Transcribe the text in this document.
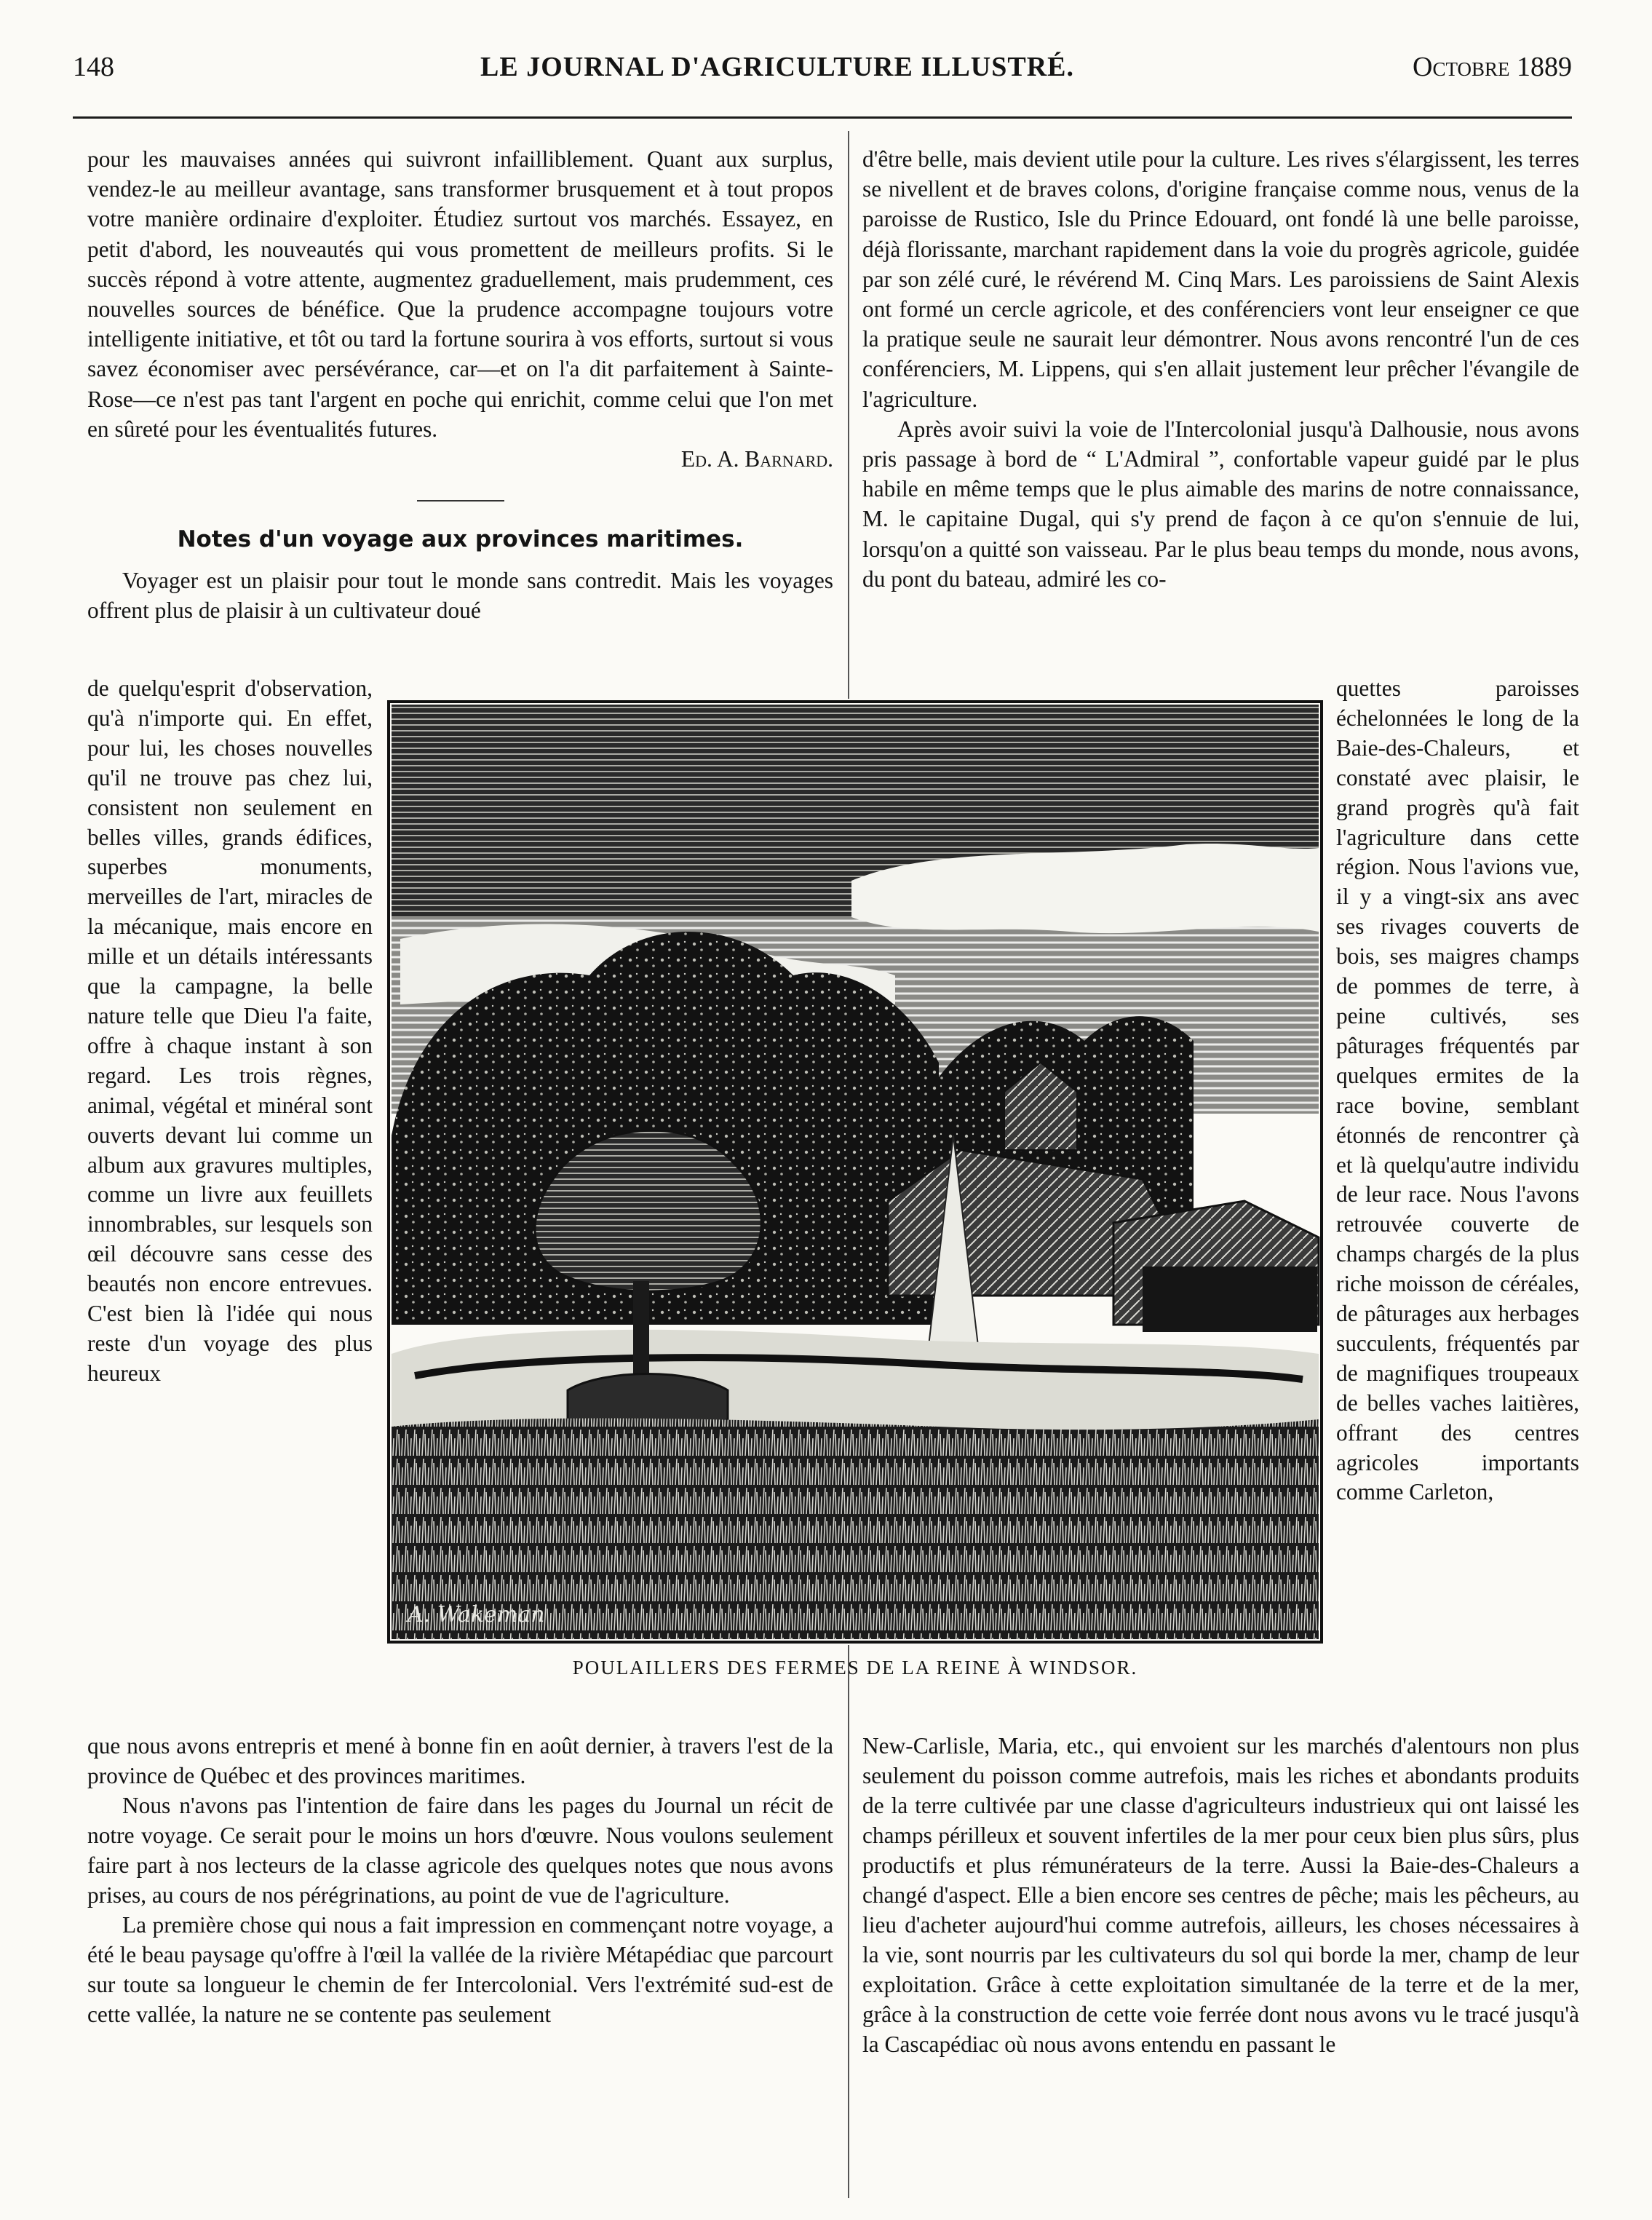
148	LE JOURNAL D'AGRICULTURE ILLUSTRÉ.	Octobre 1889

pour les mauvaises années qui suivront infailliblement. Quant aux surplus, vendez-le au meilleur avantage, sans transformer brusquement et à tout propos votre manière ordinaire d'exploiter. Étudiez surtout vos marchés. Essayez, en petit d'abord, les nouveautés qui vous promettent de meilleurs profits. Si le succès répond à votre attente, augmentez graduellement, mais prudemment, ces nouvelles sources de bénéfice. Que la prudence accompagne toujours votre intelligente initiative, et tôt ou tard la fortune sourira à vos efforts, surtout si vous savez économiser avec persévérance, car—et on l'a dit parfaitement à Sainte-Rose—ce n'est pas tant l'argent en poche qui enrichit, comme celui que l'on met en sûreté pour les éventualités futures.

Ed. A. Barnard.

Notes d'un voyage aux provinces maritimes.

Voyager est un plaisir pour tout le monde sans contredit. Mais les voyages offrent plus de plaisir à un cultivateur doué

d'être belle, mais devient utile pour la culture. Les rives s'élargissent, les terres se nivellent et de braves colons, d'origine française comme nous, venus de la paroisse de Rustico, Isle du Prince Edouard, ont fondé là une belle paroisse, déjà florissante, marchant rapidement dans la voie du progrès agricole, guidée par son zélé curé, le révérend M. Cinq Mars. Les paroissiens de Saint Alexis ont formé un cercle agricole, et des conférenciers vont leur enseigner ce que la pratique seule ne saurait leur démontrer. Nous avons rencontré l'un de ces conférenciers, M. Lippens, qui s'en allait justement leur prêcher l'évangile de l'agriculture.

Après avoir suivi la voie de l'Intercolonial jusqu'à Dalhousie, nous avons pris passage à bord de “ L'Admiral ”, confortable vapeur guidé par le plus habile en même temps que le plus aimable des marins de notre connaissance, M. le capitaine Dugal, qui s'y prend de façon à ce qu'on s'ennuie de lui, lorsqu'on a quitté son vaisseau. Par le plus beau temps du monde, nous avons, du pont du bateau, admiré les co-

de quelqu'esprit d'observation, qu'à n'importe qui. En effet, pour lui, les choses nouvelles qu'il ne trouve pas chez lui, consistent non seulement en belles villes, grands édifices, superbes monuments, merveilles de l'art, miracles de la mécanique, mais encore en mille et un détails intéressants que la campagne, la belle nature telle que Dieu l'a faite, offre à chaque instant à son regard. Les trois règnes, animal, végétal et minéral sont ouverts devant lui comme un album aux gravures multiples, comme un livre aux feuillets innombrables, sur lesquels son œil découvre sans cesse des beautés non encore entrevues. C'est bien là l'idée qui nous reste d'un voyage des plus heureux
quettes paroisses échelonnées le long de la Baie-des-Chaleurs, et constaté avec plaisir, le grand progrès qu'à fait l'agriculture dans cette région. Nous l'avions vue, il y a vingt-six ans avec ses rivages couverts de bois, ses maigres champs de pommes de terre, à peine cultivés, ses pâturages fréquentés par quelques ermites de la race bovine, semblant étonnés de rencontrer çà et là quelqu'autre individu de leur race. Nous l'avons retrouvée couverte de champs chargés de la plus riche moisson de céréales, de pâturages aux herbages succulents, fréquentés par de magnifiques troupeaux de belles vaches laitières, offrant des centres agricoles importants comme Carleton,
A. Wakeman
POULAILLERS DES FERMES DE LA REINE À WINDSOR.

que nous avons entrepris et mené à bonne fin en août dernier, à travers l'est de la province de Québec et des provinces maritimes.

Nous n'avons pas l'intention de faire dans les pages du Journal un récit de notre voyage. Ce serait pour le moins un hors d'œuvre. Nous voulons seulement faire part à nos lecteurs de la classe agricole des quelques notes que nous avons prises, au cours de nos pérégrinations, au point de vue de l'agriculture.

La première chose qui nous a fait impression en commençant notre voyage, a été le beau paysage qu'offre à l'œil la vallée de la rivière Métapédiac que parcourt sur toute sa longueur le chemin de fer Intercolonial. Vers l'extrémité sud-est de cette vallée, la nature ne se contente pas seulement

New-Carlisle, Maria, etc., qui envoient sur les marchés d'alentours non plus seulement du poisson comme autrefois, mais les riches et abondants produits de la terre cultivée par une classe d'agriculteurs industrieux qui ont laissé les champs périlleux et souvent infertiles de la mer pour ceux bien plus sûrs, plus productifs et plus rémunérateurs de la terre. Aussi la Baie-des-Chaleurs a changé d'aspect. Elle a bien encore ses centres de pêche; mais les pêcheurs, au lieu d'acheter aujourd'hui comme autrefois, ailleurs, les choses nécessaires à la vie, sont nourris par les cultivateurs du sol qui borde la mer, champ de leur exploitation. Grâce à cette exploitation simultanée de la terre et de la mer, grâce à la construction de cette voie ferrée dont nous avons vu le tracé jusqu'à la Cascapédiac où nous avons entendu en passant le
